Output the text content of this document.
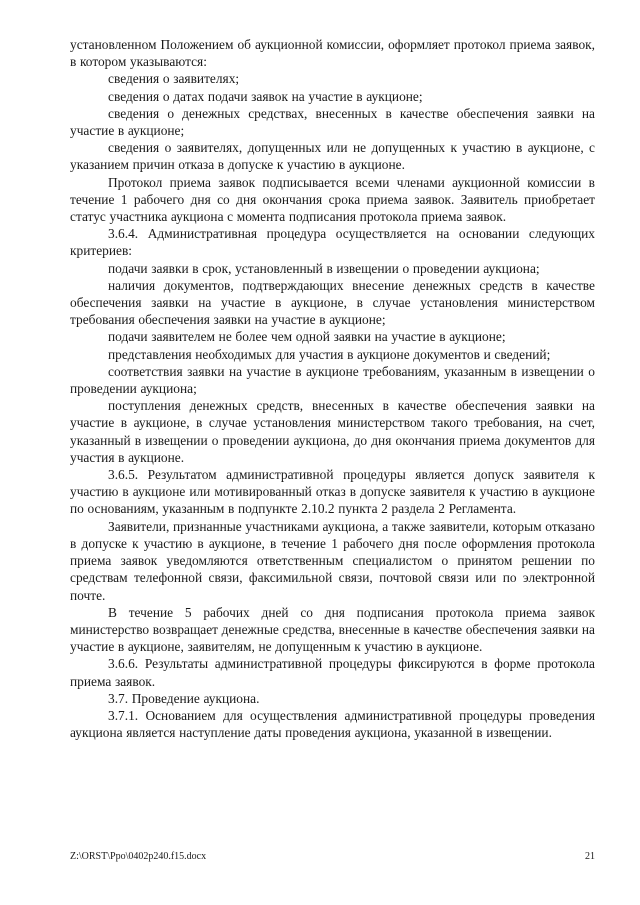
установленном Положением об аукционной комиссии, оформляет протокол приема заявок, в котором указываются:

сведения о заявителях;

сведения о датах подачи заявок на участие в аукционе;

сведения о денежных средствах, внесенных в качестве обеспечения заявки на участие в аукционе;

сведения о заявителях, допущенных или не допущенных к участию в аукционе, с указанием причин отказа в допуске к участию в аукционе.

Протокол приема заявок подписывается всеми членами аукционной комиссии в течение 1 рабочего дня со дня окончания срока приема заявок. Заявитель приобретает статус участника аукциона с момента подписания протокола приема заявок.

3.6.4. Административная процедура осуществляется на основании следующих критериев:

подачи заявки в срок, установленный в извещении о проведении аукциона;

наличия документов, подтверждающих внесение денежных средств в качестве обеспечения заявки на участие в аукционе, в случае установления министерством требования обеспечения заявки на участие в аукционе;

подачи заявителем не более чем одной заявки на участие в аукционе;

представления необходимых для участия в аукционе документов и сведений;

соответствия заявки на участие в аукционе требованиям, указанным в извещении о проведении аукциона;

поступления денежных средств, внесенных в качестве обеспечения заявки на участие в аукционе, в случае установления министерством такого требования, на счет, указанный в извещении о проведении аукциона, до дня окончания приема документов для участия в аукционе.

3.6.5. Результатом административной процедуры является допуск заявителя к участию в аукционе или мотивированный отказ в допуске заявителя к участию в аукционе по основаниям, указанным в подпункте 2.10.2 пункта 2 раздела 2 Регламента.

Заявители, признанные участниками аукциона, а также заявители, которым отказано в допуске к участию в аукционе, в течение 1 рабочего дня после оформления протокола приема заявок уведомляются ответственным специалистом о принятом решении по средствам телефонной связи, факсимильной связи, почтовой связи или по электронной почте.

В течение 5 рабочих дней со дня подписания протокола приема заявок министерство возвращает денежные средства, внесенные в качестве обеспечения заявки на участие в аукционе, заявителям, не допущенным к участию в аукционе.

3.6.6. Результаты административной процедуры фиксируются в форме протокола приема заявок.

3.7. Проведение аукциона.

3.7.1. Основанием для осуществления административной процедуры проведения аукциона является наступление даты проведения аукциона, указанной в извещении.

Z:\ORST\Ppo\0402p240.f15.docx	21
